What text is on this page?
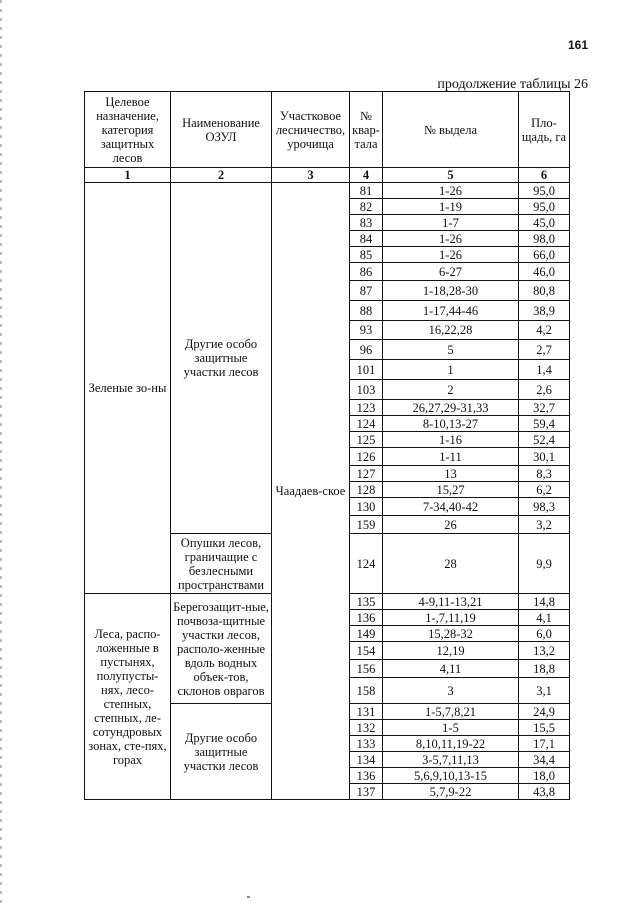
161
продолжение таблицы 26
Целевое назначение, категория защитных лесов	Наименование ОЗУЛ	Участковое лесничество, урочища	№ квар-тала	№ выдела	Пло-щадь, га
1	2	3	4	5	6
Зеленые зо-ны	Другие особо защитные участки лесов	Чаадаев-ское	81	1-26	95,0
			82	1-19	95,0
			83	1-7	45,0
			84	1-26	98,0
			85	1-26	66,0
			86	6-27	46,0
			87	1-18,28-30	80,8
			88	1-17,44-46	38,9
			93	16,22,28	4,2
			96	5	2,7
			101	1	1,4
			103	2	2,6
			123	26,27,29-31,33	32,7
			124	8-10,13-27	59,4
			125	1-16	52,4
			126	1-11	30,1
			127	13	8,3
			128	15,27	6,2
			130	7-34,40-42	98,3
			159	26	3,2
	Опушки лесов, граничащие с безлесными пространствами		124	28	9,9
Леса, распо-ложенные в пустынях, полупусты-нях, лесо-степных, степных, ле-сотундровых зонах, сте-пях, горах	Берегозащит-ные, почвоза-щитные участки лесов, располо-женные вдоль водных объек-тов, склонов оврагов		135	4-9,11-13,21	14,8
			136	1-,7,11,19	4,1
			149	15,28-32	6,0
			154	12,19	13,2
			156	4,11	18,8
			158	3	3,1
	Другие особо защитные участки лесов		131	1-5,7,8,21	24,9
			132	1-5	15,5
			133	8,10,11,19-22	17,1
			134	3-5,7,11,13	34,4
			136	5,6,9,10,13-15	18,0
			137	5,7,9-22	43,8
